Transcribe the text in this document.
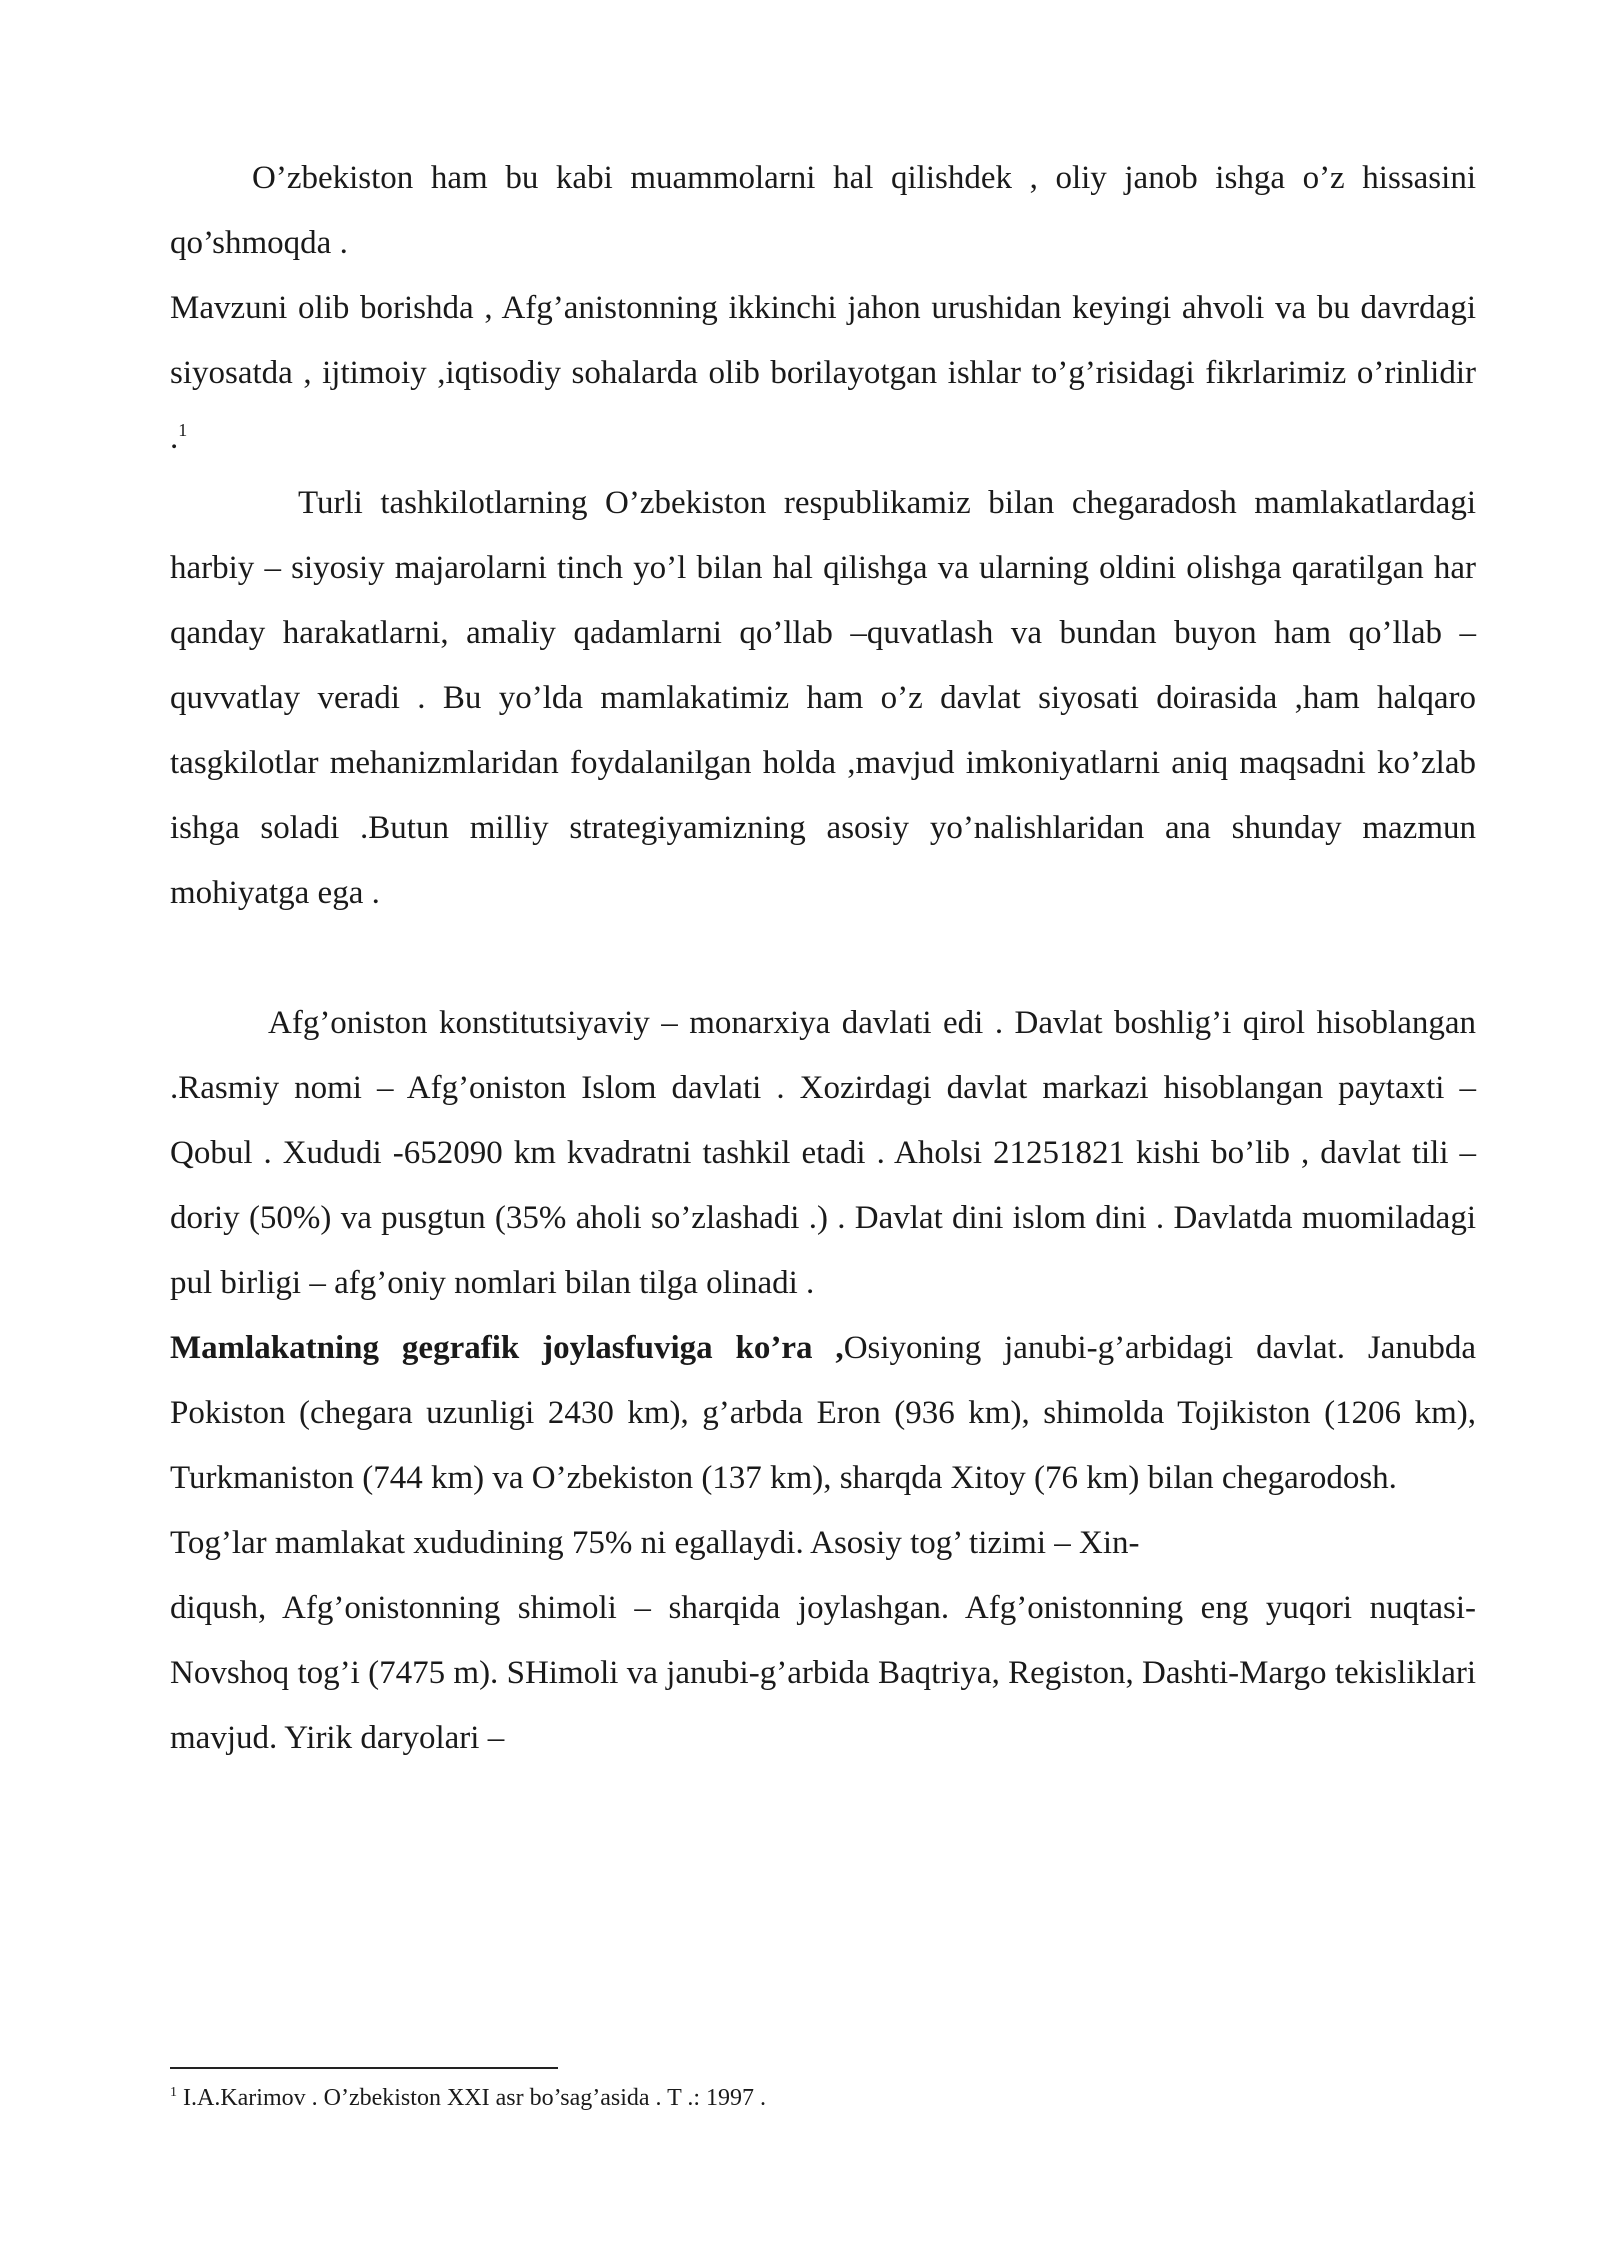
O’zbekiston ham bu kabi muammolarni hal qilishdek , oliy janob ishga o’z hissasini qo’shmoqda .

Mavzuni olib borishda , Afg’anistonning ikkinchi jahon urushidan keyingi ahvoli va bu davrdagi siyosatda , ijtimoiy ,iqtisodiy sohalarda olib borilayotgan ishlar to’g’risidagi fikrlarimiz o’rinlidir .$^1$

Turli tashkilotlarning O’zbekiston respublikamiz bilan chegaradosh mamlakatlardagi harbiy – siyosiy majarolarni tinch yo’l bilan hal qilishga va ularning oldini olishga qaratilgan har qanday harakatlarni, amaliy qadamlarni qo’llab –quvatlash va bundan buyon ham qo’llab –quvvatlay veradi . Bu yo’lda mamlakatimiz ham o’z davlat siyosati doirasida ,ham halqaro tasgkilotlar mehanizmlaridan foydalanilgan holda ,mavjud imkoniyatlarni aniq maqsadni ko’zlab ishga soladi .Butun milliy strategiyamizning asosiy yo’nalishlaridan ana shunday mazmun mohiyatga ega .

Afg’oniston konstitutsiyaviy – monarxiya davlati edi . Davlat boshlig’i qirol hisoblangan .Rasmiy nomi – Afg’oniston Islom davlati . Xozirdagi davlat markazi hisoblangan paytaxti –Qobul . Xududi -652090 km kvadratni tashkil etadi . Aholsi 21251821 kishi bo’lib , davlat tili –doriy (50%) va pusgtun (35% aholi so’zlashadi .) . Davlat dini islom dini . Davlatda muomiladagi pul birligi – afg’oniy nomlari bilan tilga olinadi .

Mamlakatning gegrafik joylasfuviga ko’ra ,Osiyoning janubi-g’arbidagi davlat. Janubda Pokiston (chegara uzunligi 2430 km), g’arbda Eron (936 km), shimolda Tojikiston (1206 km), Turkmaniston (744 km) va O’zbekiston (137 km), sharqda Xitoy (76 km) bilan chegarodosh.

Tog’lar mamlakat xududining 75% ni egallaydi. Asosiy tog’ tizimi – Xin-

diqush, Afg’onistonning shimoli – sharqida joylashgan. Afg’onistonning eng yuqori nuqtasi-Novshoq tog’i (7475 m). SHimoli va janubi-g’arbida Baqtriya, Registon, Dashti-Margo tekisliklari mavjud. Yirik daryolari –

$^1$ I.A.Karimov . O’zbekiston XXI asr bo’sag’asida . T .: 1997 .
